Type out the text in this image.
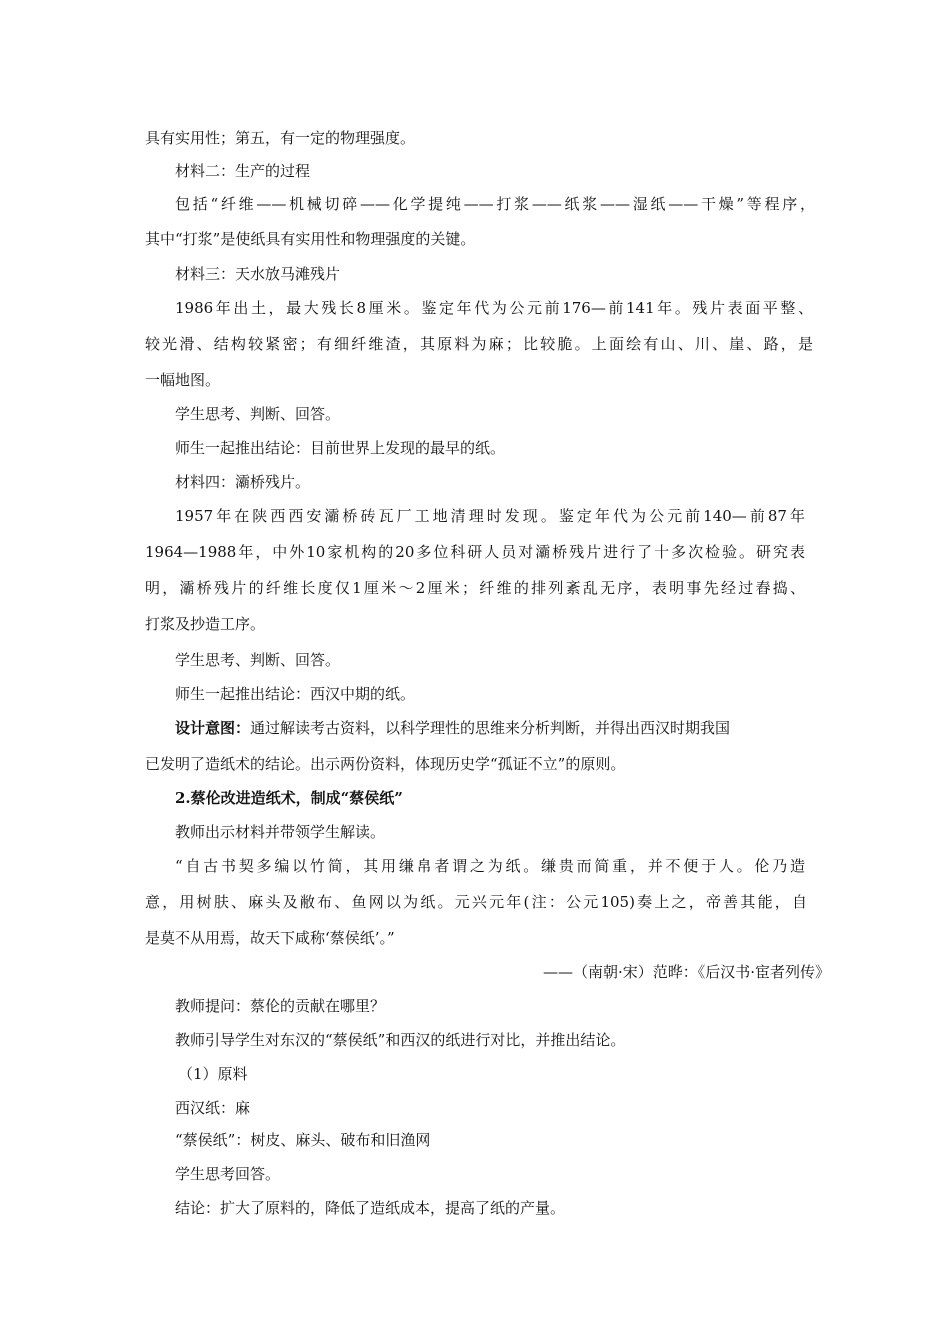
具有实用性；第五，有一定的物理强度。
材料二：生产的过程
包括“纤维——机械切碎——化学提纯——打浆——纸浆——湿纸——干燥”等程序，
其中“打浆”是使纸具有实用性和物理强度的关键。
材料三：天水放马滩残片
1986年出土，最大残长8厘米。鉴定年代为公元前176—前141年。残片表面平整、
较光滑、结构较紧密；有细纤维渣，其原料为麻；比较脆。上面绘有山、川、崖、路，是
一幅地图。
学生思考、判断、回答。
师生一起推出结论：目前世界上发现的最早的纸。
材料四：灞桥残片。
1957年在陕西西安灞桥砖瓦厂工地清理时发现。鉴定年代为公元前140—前87年
1964—1988年，中外10家机构的20多位科研人员对灞桥残片进行了十多次检验。研究表
明，灞桥残片的纤维长度仅1厘米～2厘米；纤维的排列紊乱无序，表明事先经过舂捣、
打浆及抄造工序。
学生思考、判断、回答。
师生一起推出结论：西汉中期的纸。
设计意图：通过解读考古资料，以科学理性的思维来分析判断，并得出西汉时期我国
已发明了造纸术的结论。出示两份资料，体现历史学“孤证不立”的原则。
2.蔡伦改进造纸术，制成“蔡侯纸”
教师出示材料并带领学生解读。
“自古书契多编以竹简，其用缣帛者谓之为纸。缣贵而简重，并不便于人。伦乃造
意，用树肤、麻头及敝布、鱼网以为纸。元兴元年(注：公元105)奏上之，帝善其能，自
是莫不从用焉，故天下咸称‘蔡侯纸’。”
——（南朝·宋）范晔：《后汉书·宦者列传》
教师提问：蔡伦的贡献在哪里？
教师引导学生对东汉的“蔡侯纸”和西汉的纸进行对比，并推出结论。
（1）原料
西汉纸：麻
“蔡侯纸”：树皮、麻头、破布和旧渔网
学生思考回答。
结论：扩大了原料的，降低了造纸成本，提高了纸的产量。
